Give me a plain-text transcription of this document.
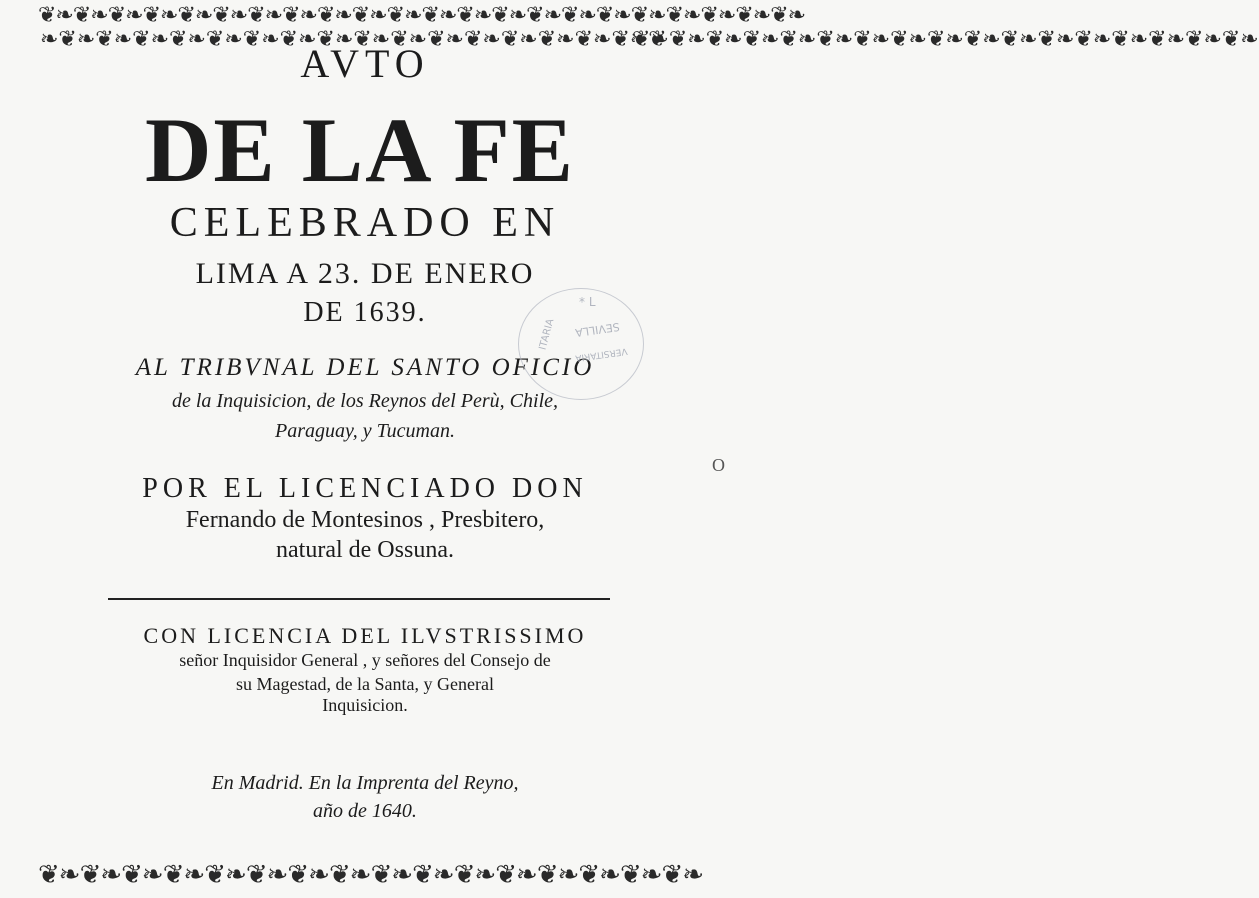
❦❧❦❧❦❧❦❧❦❧❦❧❦❧❦❧❦❧❦❧❦❧❦❧❦❧❦❧❦❧❦❧❦❧❦❧❦❧❦❧❦❧❦❧
❧❦❧❦❧❦❧❦❧❦❧❦❧❦❧❦❧❦❧❦❧❦❧❦❧❦❧❦❧❦❧❦❧❦
❦❧❦❧❦❧❦❧❦❧❦❧❦❧❦❧❦❧❦❧❦❧❦❧❦❧❦❧❦❧❦❧❦❧
❦❧❦❧❦❧❦❧❦❧❦❧❦❧❦❧❦❧❦❧❦❧❦❧❦❧❦❧❦❧❦❧
O
AVTO
DE LA FE
CELEBRADO EN
LIMA A 23. DE ENERO
DE 1639.
AL TRIBVNAL DEL SANTO OFICIO
de la Inquisicion, de los Reynos del Perù, Chile,
Paraguay, y Tucuman.
POR EL LICENCIADO DON
Fernando de Montesinos , Presbitero,
natural de Ossuna.
CON LICENCIA DEL ILVSTRISSIMO
señor Inquisidor General , y señores del Consejo de
su Magestad, de la Santa, y General
Inquisicion.
En Madrid. En la Imprenta del Reyno,
año de 1640.
ITARIA SEVILLA
VERSITARIA
* L
